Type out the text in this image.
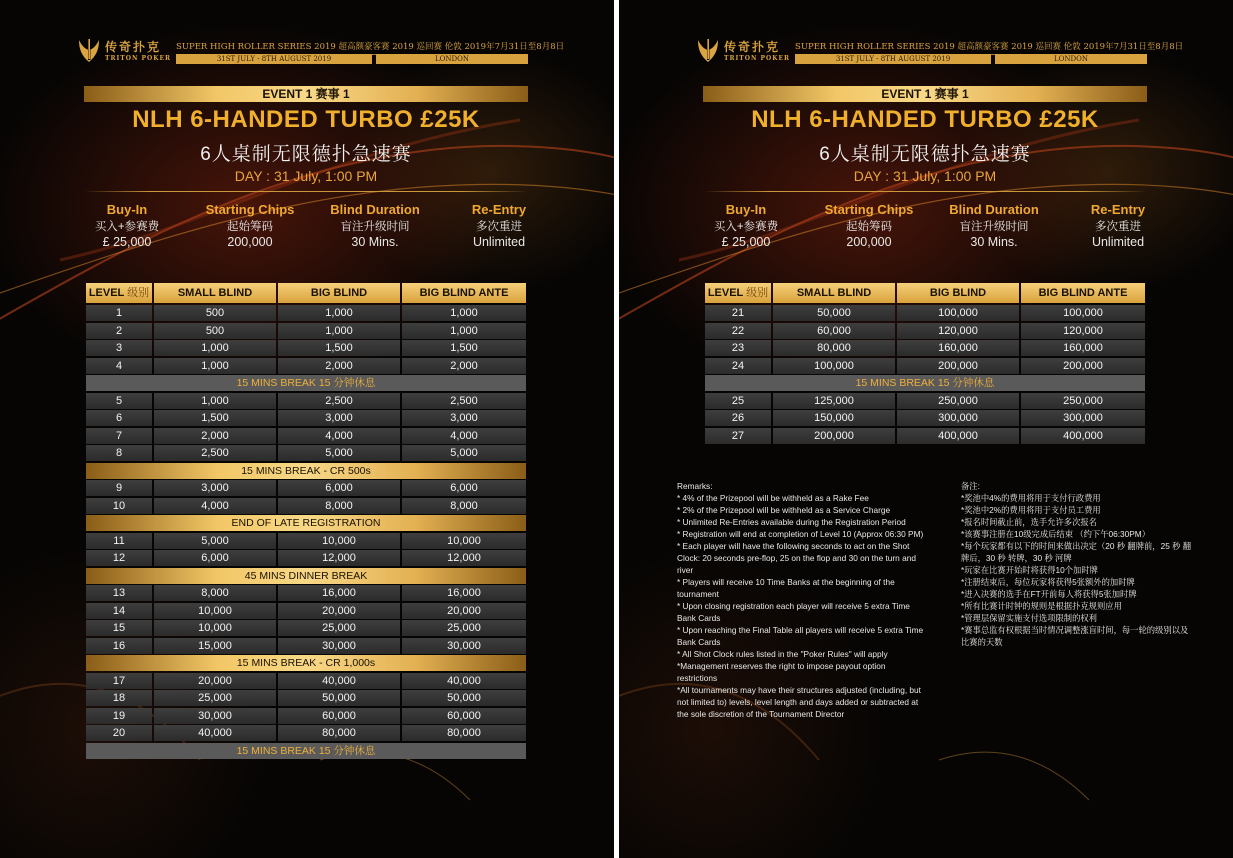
传奇扑克
TRITON POKER
SUPER HIGH ROLLER SERIES 2019 超高额豪客赛 2019 巡回赛 伦敦 2019年7月31日至8月8日
31ST JULY - 8TH AUGUST 2019	LONDON
EVENT 1 赛事 1
NLH 6-HANDED TURBO £25K
6人桌制无限德扑急速赛
DAY : 31 July, 1:00 PM
Buy-In
买入+参赛费
£ 25,000
Starting Chips
起始筹码
200,000
Blind Duration
盲注升级时间
30 Mins.
Re-Entry
多次重进
Unlimited
LEVEL 级别	SMALL BLIND	BIG BLIND	BIG BLIND ANTE
1	500	1,000	1,000
2	500	1,000	1,000
3	1,000	1,500	1,500
4	1,000	2,000	2,000
15 MINS BREAK 15 分钟休息
5	1,000	2,500	2,500
6	1,500	3,000	3,000
7	2,000	4,000	4,000
8	2,500	5,000	5,000
15 MINS BREAK - CR 500s
9	3,000	6,000	6,000
10	4,000	8,000	8,000
END OF LATE REGISTRATION
11	5,000	10,000	10,000
12	6,000	12,000	12,000
45 MINS DINNER BREAK
13	8,000	16,000	16,000
14	10,000	20,000	20,000
15	10,000	25,000	25,000
16	15,000	30,000	30,000
15 MINS BREAK - CR 1,000s
17	20,000	40,000	40,000
18	25,000	50,000	50,000
19	30,000	60,000	60,000
20	40,000	80,000	80,000
15 MINS BREAK 15 分钟休息
传奇扑克
TRITON POKER
SUPER HIGH ROLLER SERIES 2019 超高额豪客赛 2019 巡回赛 伦敦 2019年7月31日至8月8日
31ST JULY - 8TH AUGUST 2019	LONDON
EVENT 1 赛事 1
NLH 6-HANDED TURBO £25K
6人桌制无限德扑急速赛
DAY : 31 July, 1:00 PM
Buy-In
买入+参赛费
£ 25,000
Starting Chips
起始筹码
200,000
Blind Duration
盲注升级时间
30 Mins.
Re-Entry
多次重进
Unlimited
LEVEL 级别	SMALL BLIND	BIG BLIND	BIG BLIND ANTE
21	50,000	100,000	100,000
22	60,000	120,000	120,000
23	80,000	160,000	160,000
24	100,000	200,000	200,000
15 MINS BREAK 15 分钟休息
25	125,000	250,000	250,000
26	150,000	300,000	300,000
27	200,000	400,000	400,000
Remarks:
* 4% of the Prizepool will be withheld as a Rake Fee
* 2% of the Prizepool will be withheld as a Service Charge
* Unlimited Re-Entries available during the Registration Period
* Registration will end at completion of Level 10 (Approx 06:30 PM)
* Each player will have the following seconds to act on the Shot Clock: 20 seconds pre-flop, 25 on the flop and 30 on the turn and river
* Players will receive 10 Time Banks at the beginning of the tournament
* Upon closing registration each player will receive 5 extra Time Bank Cards
* Upon reaching the Final Table all players will receive 5 extra Time Bank Cards
* All Shot Clock rules listed in the "Poker Rules" will apply
*Management reserves the right to impose payout option restrictions
*All tournaments may have their structures adjusted (including, but not limited to) levels, level length and days added or subtracted at the sole discretion of the Tournament Director
备注:
*奖池中4%的费用将用于支付行政费用
*奖池中2%的费用将用于支付员工费用
*报名时间截止前，选手允许多次报名
*该赛事注册在10级完成后结束 （约下午06:30PM）
*每个玩家都有以下的时间来做出决定（20 秒 翻牌前，25 秒 翻牌后，30 秒 转牌，30 秒 河牌
*玩家在比赛开始时将获得10个加时牌
*注册结束后，每位玩家将获得5张额外的加时牌
*进入决赛的选手在FT开前每人将获得5张加时牌
*所有比赛计时钟的规则是根据扑克规则应用
*管理层保留实施支付选项限制的权利
*赛事总监有权根据当时情况调整涨盲时间，每一轮的级别以及比赛的天数
